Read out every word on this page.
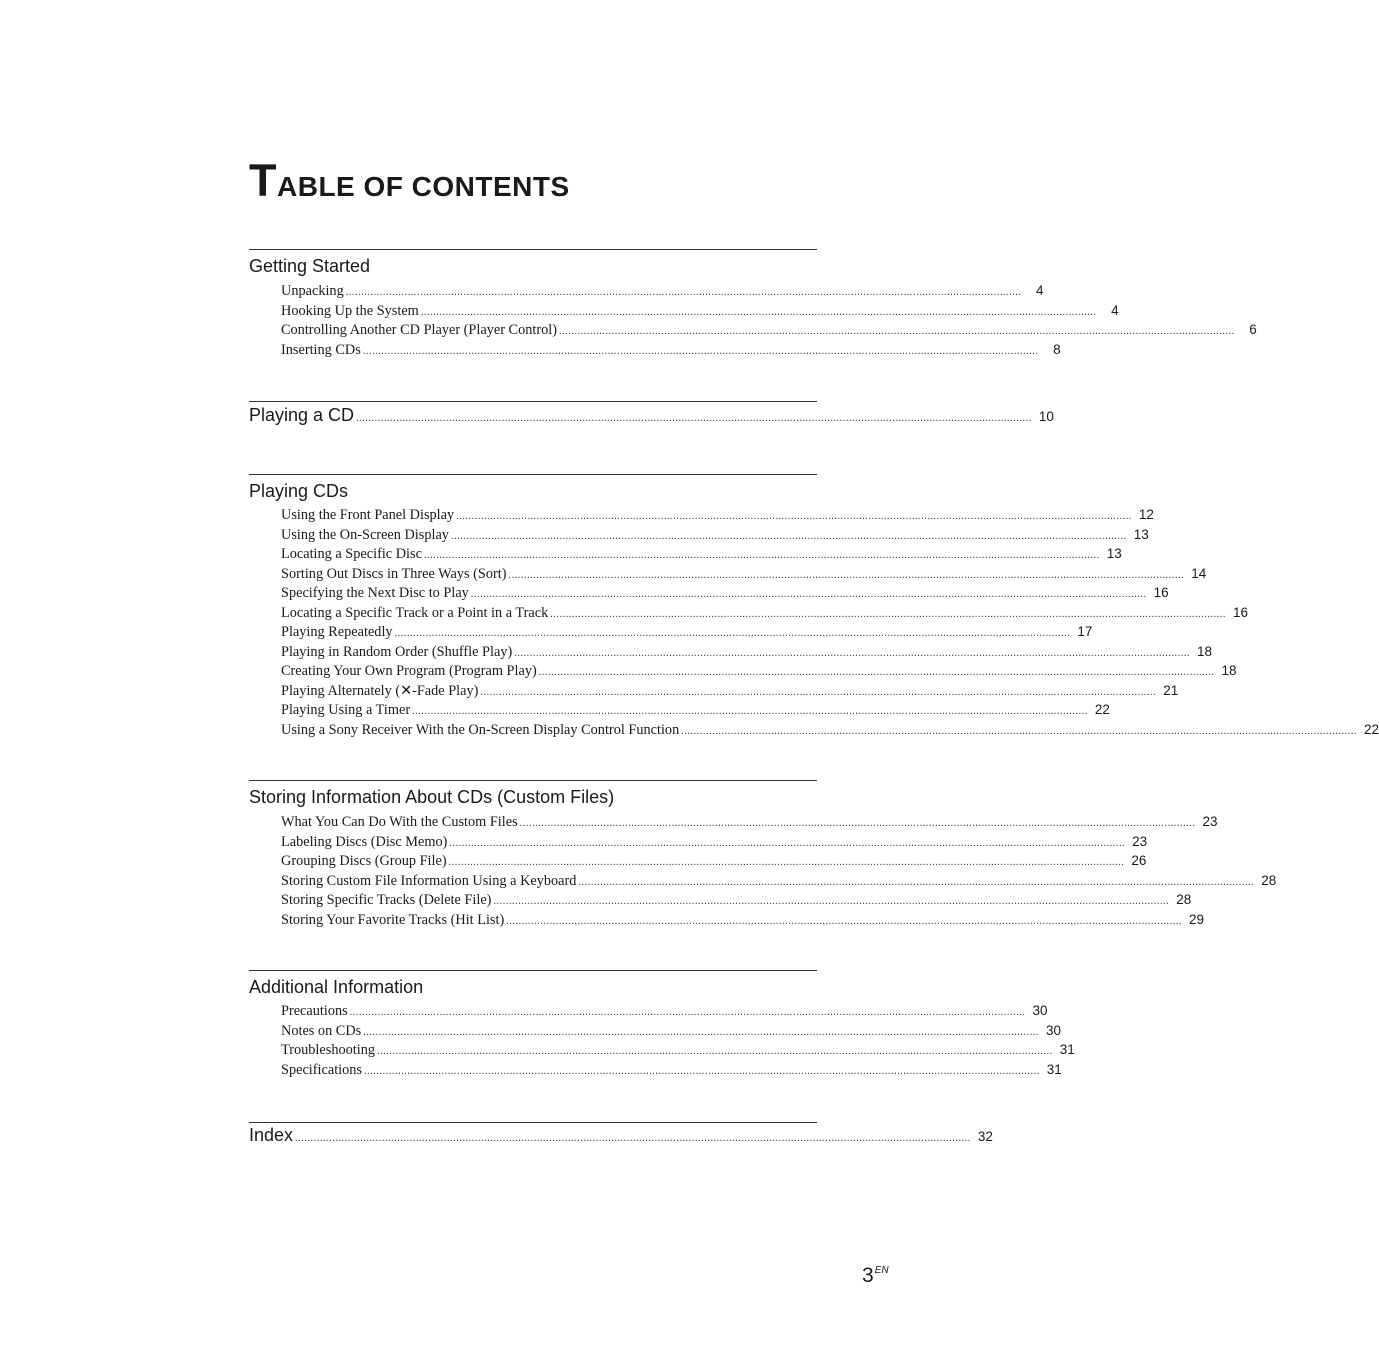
TABLE OF CONTENTS
Getting Started
Unpacking ..........................................................................................................................................................................................................................	4
Hooking Up the System ..........................................................................................................................................................................................................................	4
Controlling Another CD Player (Player Control) ..........................................................................................................................................................................................................................	6
Inserting CDs ..........................................................................................................................................................................................................................	8
Playing a CD .......................................................................................................................................................................................................................... 10
Playing CDs
Using the Front Panel Display .......................................................................................................................................................................................................................... 12
Using the On-Screen Display .......................................................................................................................................................................................................................... 13
Locating a Specific Disc .......................................................................................................................................................................................................................... 13
Sorting Out Discs in Three Ways (Sort) .......................................................................................................................................................................................................................... 14
Specifying the Next Disc to Play .......................................................................................................................................................................................................................... 16
Locating a Specific Track or a Point in a Track .......................................................................................................................................................................................................................... 16
Playing Repeatedly .......................................................................................................................................................................................................................... 17
Playing in Random Order (Shuffle Play) .......................................................................................................................................................................................................................... 18
Creating Your Own Program (Program Play) .......................................................................................................................................................................................................................... 18
Playing Alternately (✕-Fade Play) .......................................................................................................................................................................................................................... 21
Playing Using a Timer .......................................................................................................................................................................................................................... 22
Using a Sony Receiver With the On-Screen Display Control Function .......................................................................................................................................................................................................................... 22
Storing Information About CDs (Custom Files)
What You Can Do With the Custom Files .......................................................................................................................................................................................................................... 23
Labeling Discs (Disc Memo) .......................................................................................................................................................................................................................... 23
Grouping Discs (Group File) .......................................................................................................................................................................................................................... 26
Storing Custom File Information Using a Keyboard .......................................................................................................................................................................................................................... 28
Storing Specific Tracks (Delete File) .......................................................................................................................................................................................................................... 28
Storing Your Favorite Tracks (Hit List) .......................................................................................................................................................................................................................... 29
Additional Information
Precautions .......................................................................................................................................................................................................................... 30
Notes on CDs .......................................................................................................................................................................................................................... 30
Troubleshooting .......................................................................................................................................................................................................................... 31
Specifications .......................................................................................................................................................................................................................... 31
Index .......................................................................................................................................................................................................................... 32
$3^{EN}$
